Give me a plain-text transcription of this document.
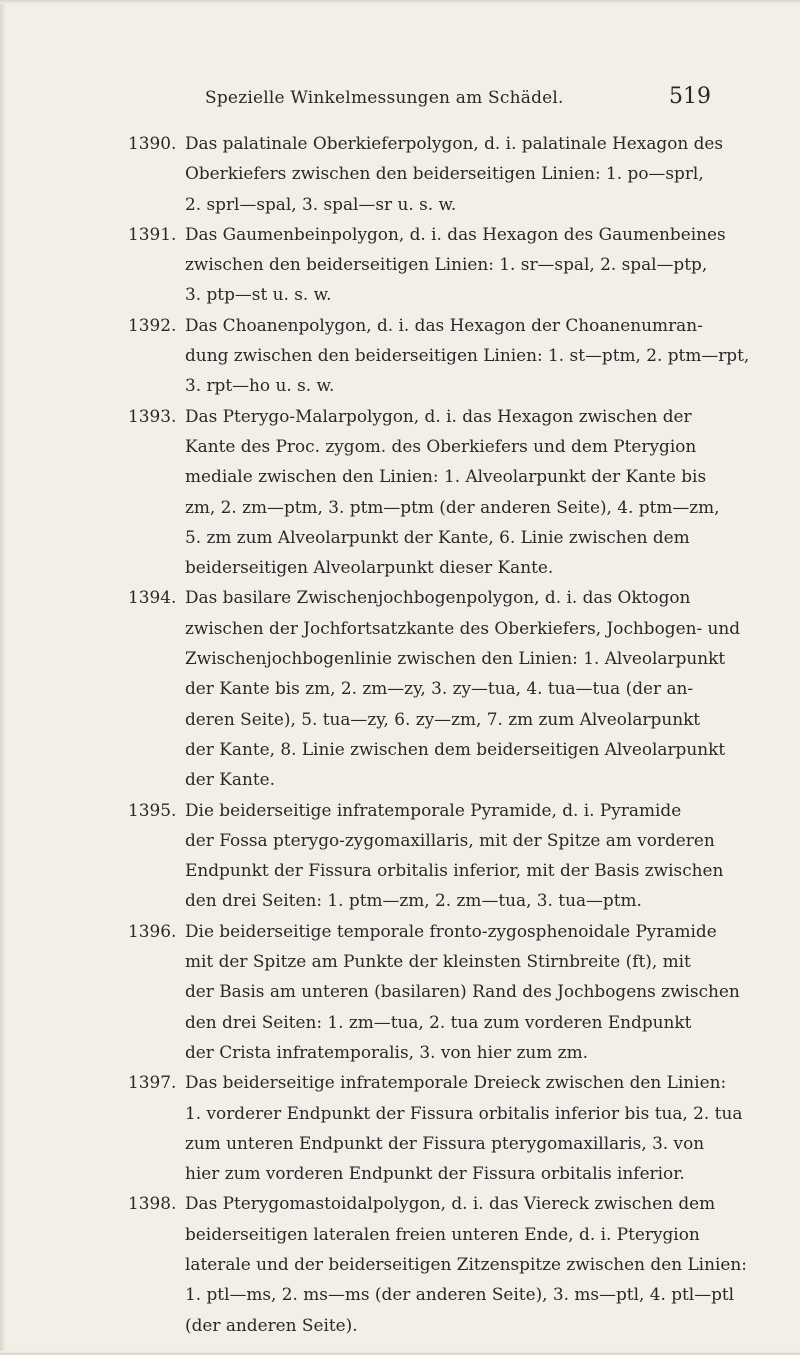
Spezielle Winkelmessungen am Schädel.	519
1390. Das palatinale Oberkieferpolygon, d. i. palatinale Hexagon des
Oberkiefers zwischen den beiderseitigen Linien: 1. po—sprl,
2. sprl—spal, 3. spal—sr u. s. w.
1391. Das Gaumenbeinpolygon, d. i. das Hexagon des Gaumenbeines
zwischen den beiderseitigen Linien: 1. sr—spal, 2. spal—ptp,
3. ptp—st u. s. w.
1392. Das Choanenpolygon, d. i. das Hexagon der Choanenumran-
dung zwischen den beiderseitigen Linien: 1. st—ptm, 2. ptm—rpt,
3. rpt—ho u. s. w.
1393. Das Pterygo-Malarpolygon, d. i. das Hexagon zwischen der
Kante des Proc. zygom. des Oberkiefers und dem Pterygion
mediale zwischen den Linien: 1. Alveolarpunkt der Kante bis
zm, 2. zm—ptm, 3. ptm—ptm (der anderen Seite), 4. ptm—zm,
5. zm zum Alveolarpunkt der Kante, 6. Linie zwischen dem
beiderseitigen Alveolarpunkt dieser Kante.
1394. Das basilare Zwischenjochbogenpolygon, d. i. das Oktogon
zwischen der Jochfortsatzkante des Oberkiefers, Jochbogen- und
Zwischenjochbogenlinie zwischen den Linien: 1. Alveolarpunkt
der Kante bis zm, 2. zm—zy, 3. zy—tua, 4. tua—tua (der an-
deren Seite), 5. tua—zy, 6. zy—zm, 7. zm zum Alveolarpunkt
der Kante, 8. Linie zwischen dem beiderseitigen Alveolarpunkt
der Kante.
1395. Die beiderseitige infratemporale Pyramide, d. i. Pyramide
der Fossa pterygo-zygomaxillaris, mit der Spitze am vorderen
Endpunkt der Fissura orbitalis inferior, mit der Basis zwischen
den drei Seiten: 1. ptm—zm, 2. zm—tua, 3. tua—ptm.
1396. Die beiderseitige temporale fronto-zygosphenoidale Pyramide
mit der Spitze am Punkte der kleinsten Stirnbreite (ft), mit
der Basis am unteren (basilaren) Rand des Jochbogens zwischen
den drei Seiten: 1. zm—tua, 2. tua zum vorderen Endpunkt
der Crista infratemporalis, 3. von hier zum zm.
1397. Das beiderseitige infratemporale Dreieck zwischen den Linien:
1. vorderer Endpunkt der Fissura orbitalis inferior bis tua, 2. tua
zum unteren Endpunkt der Fissura pterygomaxillaris, 3. von
hier zum vorderen Endpunkt der Fissura orbitalis inferior.
1398. Das Pterygomastoidalpolygon, d. i. das Viereck zwischen dem
beiderseitigen lateralen freien unteren Ende, d. i. Pterygion
laterale und der beiderseitigen Zitzenspitze zwischen den Linien:
1. ptl—ms, 2. ms—ms (der anderen Seite), 3. ms—ptl, 4. ptl—ptl
(der anderen Seite).
